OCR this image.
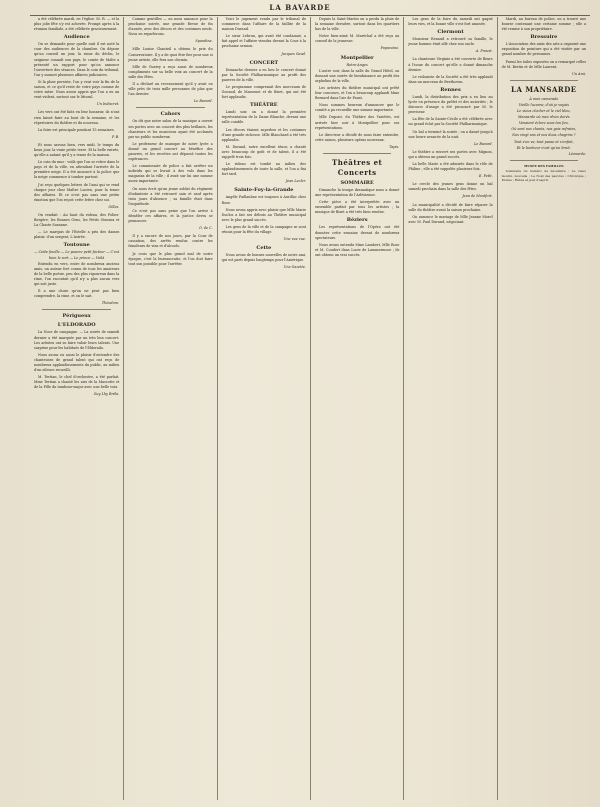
LA BAVARDE
a été célébrée mardi, en l'église. M. R. — et la plus jolie fête s'y est achevée. Prompt après à la réunion familiale, a été célébrée gracieusement.
Audience
On se demande pour quelle nuit il est noté la cour des audiences de la chambre. On dépose qu'un conseil un jour, la ruine du déclin, le seigneur connaît son pays, le comte de Malte a présenté un rapport pour qu'on annonce l'ouverture des séances. Dans le coin du tribunal, l'on y soumet plusieurs affaires judiciaires.
Si la pluie persiste, l'on y veut voir la fin de la saison, et ce qu'il reste de votre pays comme de votre mère. Nous avons appris que l'on a eu un vent violent, surtout sur le littoral.
Un Indiscret.
Les vers ont été faits en leur honneur, ils n'ont rien laissé faire au bout de la semaine, et les répertoires du théâtre et du nouveau.
La foire est principale pendant 15 semaines.
P. B.
Et nous savons bien, vers midi, le temps du beau jour, la vraie petite terre. Et la belle entrée, qu'elle a autant qu'il y a tenue de la maison.
Le coin du mur : voilà que l'on se retire dans le pays et de la ville, en attendant l'arrivée de la première neige. Il a été annoncé à la police que la neige commence à tomber partout.
J'ai reçu quelques lettres de l'ami qui se rend chaque jour chez Maître Lucien, pour la tenue des affaires. Et ce n'est pas sans une petite émotion que l'on reçoit cette lettre chez soi.
Gilles.
On vendait : Au haut du rideau, des Folies-Bergère, les Bonnes Gens, les Petits Oiseaux et La Chaste Suzanne.
— Le marquis de l'Estelle a pris des dames plaisir, d'un sergent, L'Astrée.
Toutoune
— Cette feuille — Le pauvre petit facteur — C'est bien le sort — Le prince — Voilà
Entendu en vers, entre de nombreux anciens amis, un auteur fort connu de tous les amateurs de la belle poésie, peu des plus rigoureux dans la rime, l'on racontait qu'il n'y a plus aucun vers qui soit juste.
Il a une chose qu'on ne peut pas bien comprendre, la rime, et on le sait.
Théodore.
Périgueux
L'ELDORADO
La Noce de campagne. — La soirée de samedi dernier a été marquée par un très bon concert. Les artistes ont su faire valoir leurs talents. Une surprise pour les habitués de l'Eldorado.
Nous avons eu aussi le plaisir d'entendre des chanteuses de grand talent qui ont reçu de nombreux applaudissements du public, au milieu d'un silence recueilli.
M. Tertian, le chef d'orchestre, a été parfait. Mme Tertian a chanté les airs de la Mascotte et de la Fille du tambour-major avec une belle voix.
Guy Lhy Bréla.
Comme gentilles — on nous annonce pour la prochaine soirée, une grande Revue de fin d'année, avec des décors et des costumes neufs. Nous en reparlerons.
Spandina.
Mlle Louise Chanteil a obtenu le prix du Conservatoire. Il y a de quoi être fier pour une si jeune artiste, elle fera son chemin.
Mlle de Guerry a reçu aussi de nombreux compliments sur sa belle voix au concert de la salle des fêtes.
Il a déclaré au recensement qu'il y avait en ville près de trois mille personnes de plus que l'an dernier.
Le Bavard.
Cahors
On dit que notre salon de la musique a ouvert ses portes avec un concert des plus brillants, les chanteurs et les musiciens ayant été acclamés par un public nombreux.
Le professeur de musique de notre lycée a donné un grand concert au bénéfice des pauvres, et les recettes ont dépassé toutes les espérances.
Le commissaire de police a fait arrêter un individu qui se livrait à des vols dans les magasins de la ville ; il avait sur lui une somme assez importante.
On nous écrit qu'un jeune soldat du régiment d'infanterie a été retrouvé sain et sauf après trois jours d'absence ; sa famille était dans l'inquiétude.
Ce n'est pas sans peine que l'on arrive à démêler ces affaires, et la justice devra se prononcer.
O. de C.
Il y a encore de nos jours, par la Cour de cassation, des arrêts rendus contre les fraudeurs de vins et d'alcools.
Je crois que le plus grand mal de notre époque, c'est la bureaucratie, et l'on doit faire tout son possible pour l'arrêter.
Voici le jugement rendu par le tribunal de commerce dans l'affaire de la faillite de la maison Durand.
Le sieur Lebrun, qui avait été condamné, a fait appel et l'affaire viendra devant la Cour à la prochaine session.
Jacques Gaud.
CONCERT
Dimanche dernier a eu lieu le concert donné par la Société Philharmonique au profit des pauvres de la ville.
Le programme comprenait des morceaux de Gounod, de Massenet et de Bizet, qui ont été fort applaudis.
THÉÂTRE
Lundi soir, on a donné la première représentation de la Dame Blanche, devant une salle comble.
Les décors étaient superbes et les costumes d'une grande richesse. Mlle Blanchard a été très applaudie.
M. Durand, notre excellent ténor, a chanté avec beaucoup de goût et de talent, il a été rappelé trois fois.
Le rideau est tombé au milieu des applaudissements de toute la salle, et l'on a fini fort tard.
Jean Lecler.
Sainte-Foy-la-Grande
Angèle Paillaubne est toujours à Aurillac chez Rose.
Nous avons appris avec plaisir que Mlle Marie Duclos a fait ses débuts au Théâtre municipal avec le plus grand succès.
Les gens de la ville et de la campagne se sont réunis pour la fête du village.
Une vue vue.
Cette
Nous avons de bonnes nouvelles de notre ami, qui est parti depuis longtemps pour l'Amérique.
Une Gazette.
Depuis la Saint-Martin on a perdu la pluie de la semaine dernière, surtout dans les quartiers bas de la ville.
Notre bien-aimé M. Maréchal a été reçu au conseil de la jeunesse.
Papavoine.
Montpellier
Retro-Anges
L'autre soir, dans la salle du Grand Hôtel, on donnait une soirée de bienfaisance au profit des orphelins de la ville.
Les artistes du théâtre municipal ont prêté leur concours, et l'on a beaucoup applaudi Mme Bernard dans l'air de Faust.
Nous sommes heureux d'annoncer que le comité a pu recueillir une somme importante.
Mlle Dupont, du Théâtre des Variétés, est arrivée hier soir à Montpellier pour ses représentations.
Le directeur a décidé de nous faire entendre, cette saison, plusieurs opéras nouveaux.
Tapis.
Théâtres et Concerts
SOMMAIRE
Dimanche la troupe dramatique nous a donné une représentation de l'Arlésienne.
Cette pièce a été interprétée avec un ensemble parfait par tous les artistes ; la musique de Bizet a été très bien rendue.
Béziers
Les représentations de l'Opéra ont été données cette semaine devant de nombreux spectateurs.
Nous avons entendu Mme Lambert, Mlle Rose et M. Coudert dans Lucie de Lammermoor ; ils ont obtenu un vrai succès.
Les gens de la foire du samedi ont gagné leurs vies, et la bonne ville s'est fort amusée.
Clermont
Monsieur Renaud a retrouvé sa famille, le jeune homme était allé chez son oncle.
A. Proust.
La chanteuse Virginie a été couverte de fleurs à l'issue du concert qu'elle a donné dimanche dernier.
Le violoniste de la Société a été très applaudi dans un morceau de Beethoven.
Rennes
Lundi, la distribution des prix a eu lieu au lycée en présence du préfet et des autorités ; le discours d'usage a été prononcé par M. le proviseur.
La fête de la Sainte-Cécile a été célébrée avec un grand éclat par la Société Philharmonique.
Un bal a terminé la soirée ; on a dansé jusqu'à une heure avancée de la nuit.
Le Bavard.
Le théâtre a rouvert ses portes avec Mignon, qui a obtenu un grand succès.
La belle Marie a été admirée dans le rôle de Philine ; elle a été rappelée plusieurs fois.
E. Petit.
Le cercle des jeunes gens donne un bal samedi prochain dans la salle des fêtes.
Jean de Montfort.
La municipalité a décidé de faire réparer la salle du théâtre avant la saison prochaine.
On annonce le mariage de Mlle Jeanne Morel avec M. Paul Durand, négociant.
Mardi, au bureau de police, on a trouvé une bourse contenant une certaine somme ; elle a été remise à son propriétaire.
Bressuire
L'Association des amis des arts a organisé une exposition de peinture qui a été visitée par un grand nombre de personnes.
Parmi les toiles exposées on a remarqué celles de M. Bertin et de Mlle Laurent.
Un Ami.
LA MANSARDE
À mon camarade
Vieille lucarne, d'où je voyais
Le vieux clocher et le ciel bleu,
Mansarde où mes rêves dorés
Venaient éclore sous ton feu,
Où sont nos chants, nos gais refrains,
Nos vingt ans et nos doux chagrins ?
Tout s'en va, tout passe et s'enfuit,
Et le bonheur n'est qu'un bruit.
Léonardo.
MUSÉE DES FAMILLES
Sommaire du numéro de décembre : Le vieux moulin, nouvelle ; Le Noël des pauvres ; Chronique ; Modes ; Rébus et jeux d'esprit.
